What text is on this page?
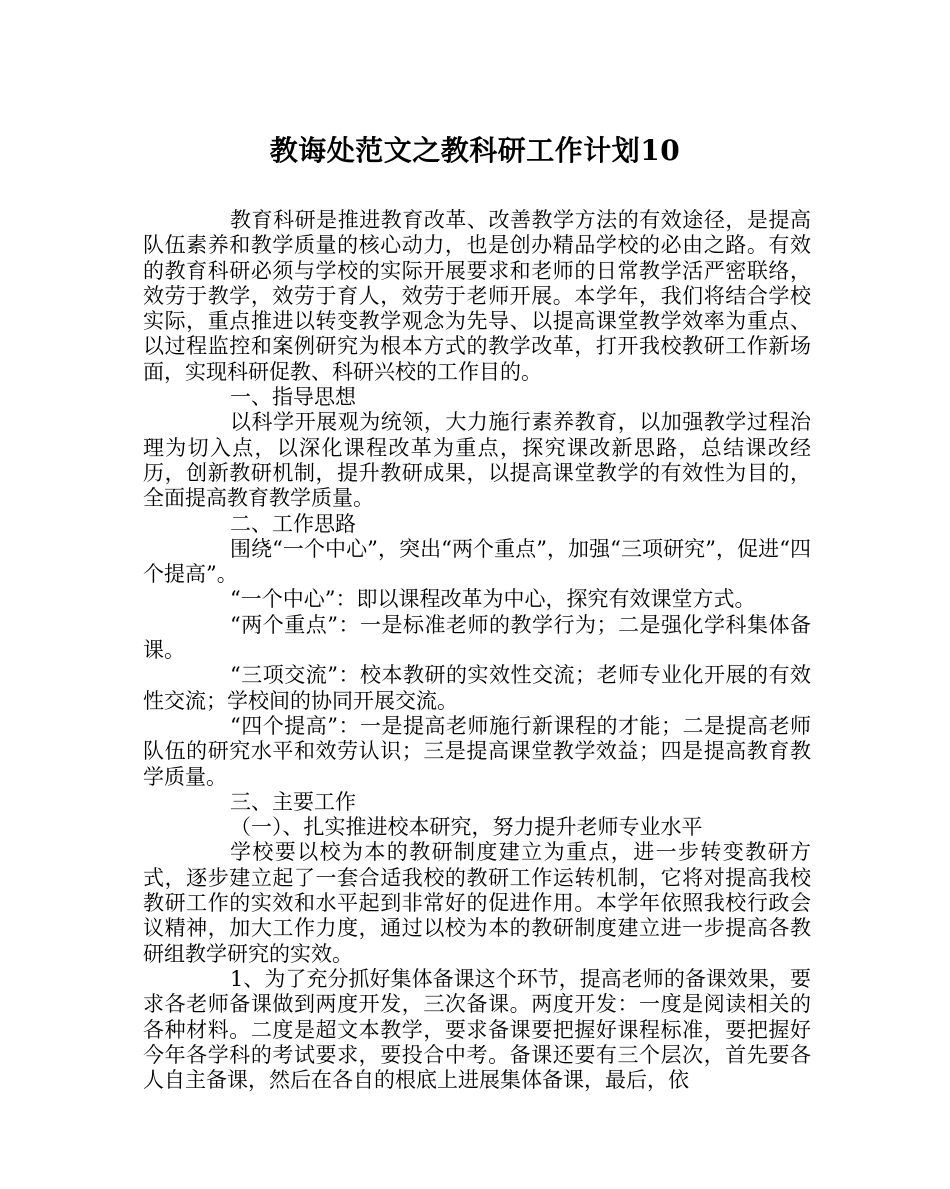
教诲处范文之教科研工作计划10

教育科研是推进教育改革、改善教学方法的有效途径，是提高队伍素养和教学质量的核心动力，也是创办精品学校的必由之路。有效的教育科研必须与学校的实际开展要求和老师的日常教学活严密联络，效劳于教学，效劳于育人，效劳于老师开展。本学年，我们将结合学校实际，重点推进以转变教学观念为先导、以提高课堂教学效率为重点、以过程监控和案例研究为根本方式的教学改革，打开我校教研工作新场面，实现科研促教、科研兴校的工作目的。

一、指导思想

以科学开展观为统领，大力施行素养教育，以加强教学过程治理为切入点，以深化课程改革为重点，探究课改新思路，总结课改经历，创新教研机制，提升教研成果，以提高课堂教学的有效性为目的，全面提高教育教学质量。

二、工作思路

围绕“一个中心”，突出“两个重点”，加强“三项研究”，促进“四个提高”。

“一个中心”：即以课程改革为中心，探究有效课堂方式。

“两个重点”：一是标准老师的教学行为；二是强化学科集体备课。

“三项交流”：校本教研的实效性交流；老师专业化开展的有效性交流；学校间的协同开展交流。

“四个提高”：一是提高老师施行新课程的才能；二是提高老师队伍的研究水平和效劳认识；三是提高课堂教学效益；四是提高教育教学质量。

三、主要工作

（一）、扎实推进校本研究，努力提升老师专业水平

学校要以校为本的教研制度建立为重点，进一步转变教研方式，逐步建立起了一套合适我校的教研工作运转机制，它将对提高我校教研工作的实效和水平起到非常好的促进作用。本学年依照我校行政会议精神，加大工作力度，通过以校为本的教研制度建立进一步提高各教研组教学研究的实效。

1、为了充分抓好集体备课这个环节，提高老师的备课效果，要求各老师备课做到两度开发，三次备课。两度开发：一度是阅读相关的各种材料。二度是超文本教学，要求备课要把握好课程标准，要把握好今年各学科的考试要求，要投合中考。备课还要有三个层次，首先要各人自主备课，然后在各自的根底上进展集体备课，最后，依
